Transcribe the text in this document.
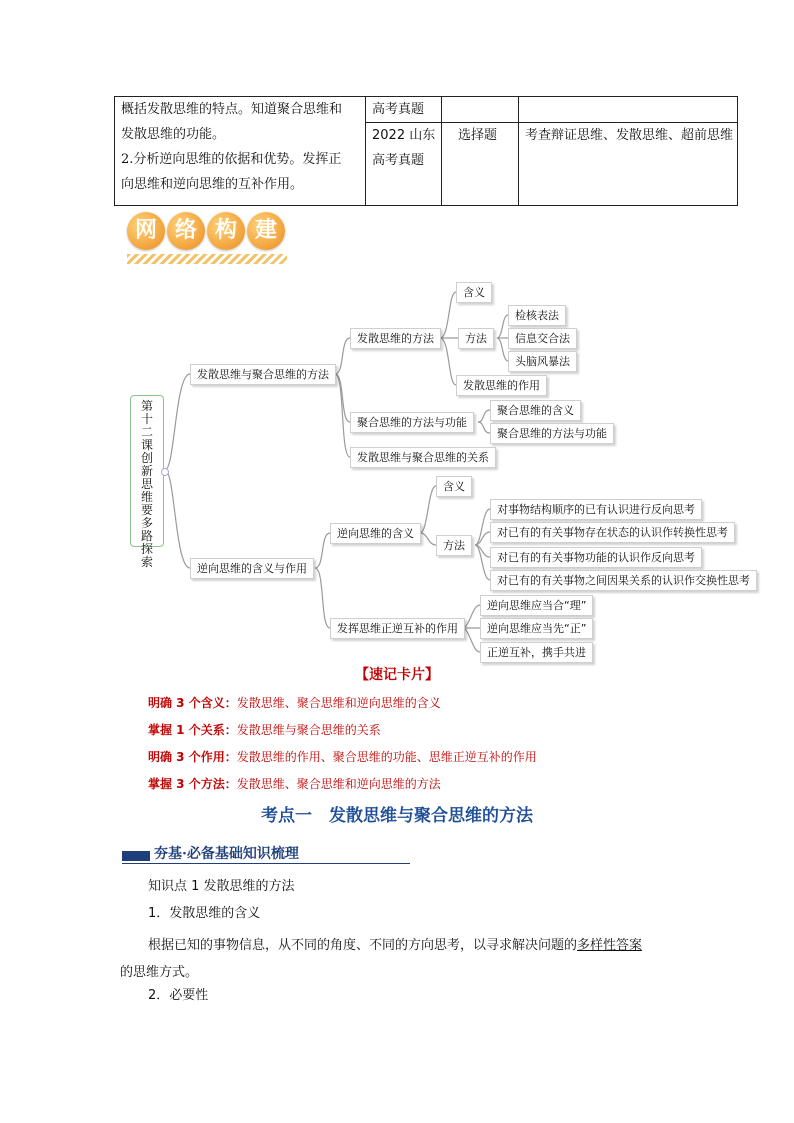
概括发散思维的特点。知道聚合思维和

发散思维的功能。

2.分析逆向思维的依据和优势。发挥正

向思维和逆向思维的互补作用。

高考真题
2022 山东高考真题
选择题 考查辩证思维、发散思维、超前思维
网 络 构 建
第十二课 创新思维要多路探索
发散思维与聚合思维的方法
发散思维的方法
含义
方法
检核表法
信息交合法
头脑风暴法
发散思维的作用
聚合思维的方法与功能
聚合思维的含义
聚合思维的方法与功能
发散思维与聚合思维的关系
逆向思维的含义与作用
逆向思维的含义
含义
方法
对事物结构顺序的已有认识进行反向思考
对已有的有关事物存在状态的认识作转换性思考
对已有的有关事物功能的认识作反向思考
对已有的有关事物之间因果关系的认识作交换性思考
发挥思维正逆互补的作用
逆向思维应当合“理”
逆向思维应当先“正”
正逆互补，携手共进
【速记卡片】
明确 3 个含义：发散思维、聚合思维和逆向思维的含义
掌握 1 个关系：发散思维与聚合思维的关系
明确 3 个作用：发散思维的作用、聚合思维的功能、思维正逆互补的作用
掌握 3 个方法：发散思维、聚合思维和逆向思维的方法
考点一　发散思维与聚合思维的方法
夯基·必备基础知识梳理
知识点 1 发散思维的方法
1．发散思维的含义
根据已知的事物信息，从不同的角度、不同的方向思考，以寻求解决问题的多样性答案
的思维方式。
2．必要性
